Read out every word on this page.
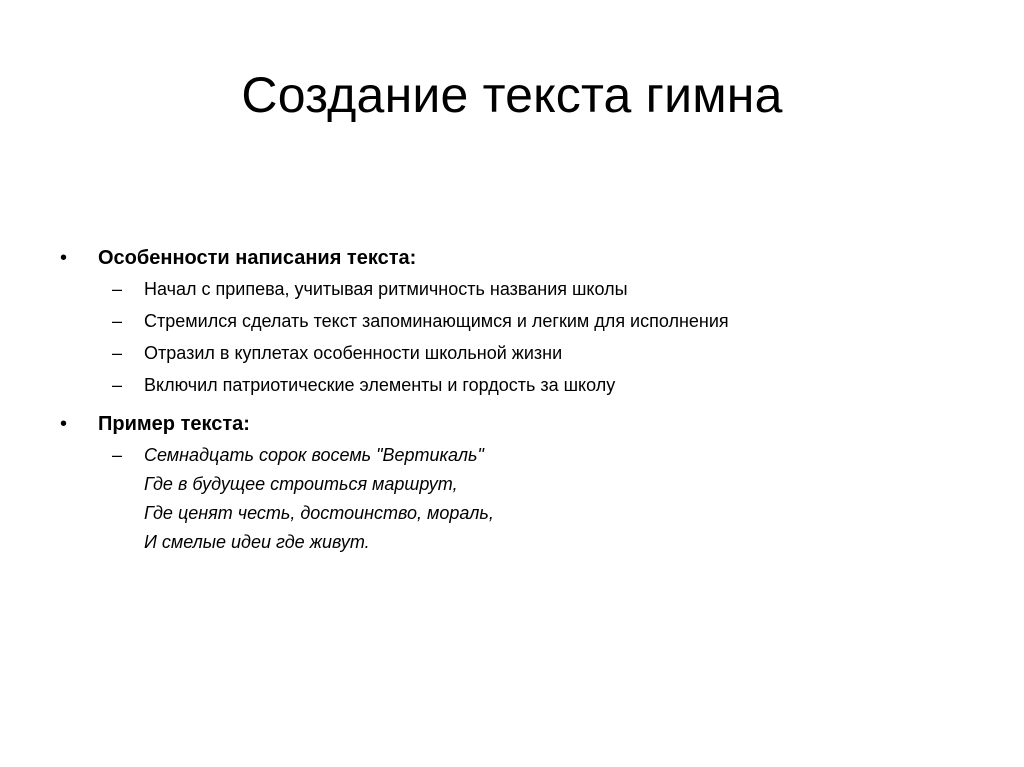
Создание текста гимна
•	Особенности написания текста:
– Начал с припева, учитывая ритмичность названия школы
– Стремился сделать текст запоминающимся и легким для исполнения
– Отразил в куплетах особенности школьной жизни
– Включил патриотические элементы и гордость за школу
•	Пример текста:
– Семнадцать сорок восемь "Вертикаль"
Где в будущее строиться маршрут,
Где ценят честь, достоинство, мораль,
И смелые идеи где живут.
